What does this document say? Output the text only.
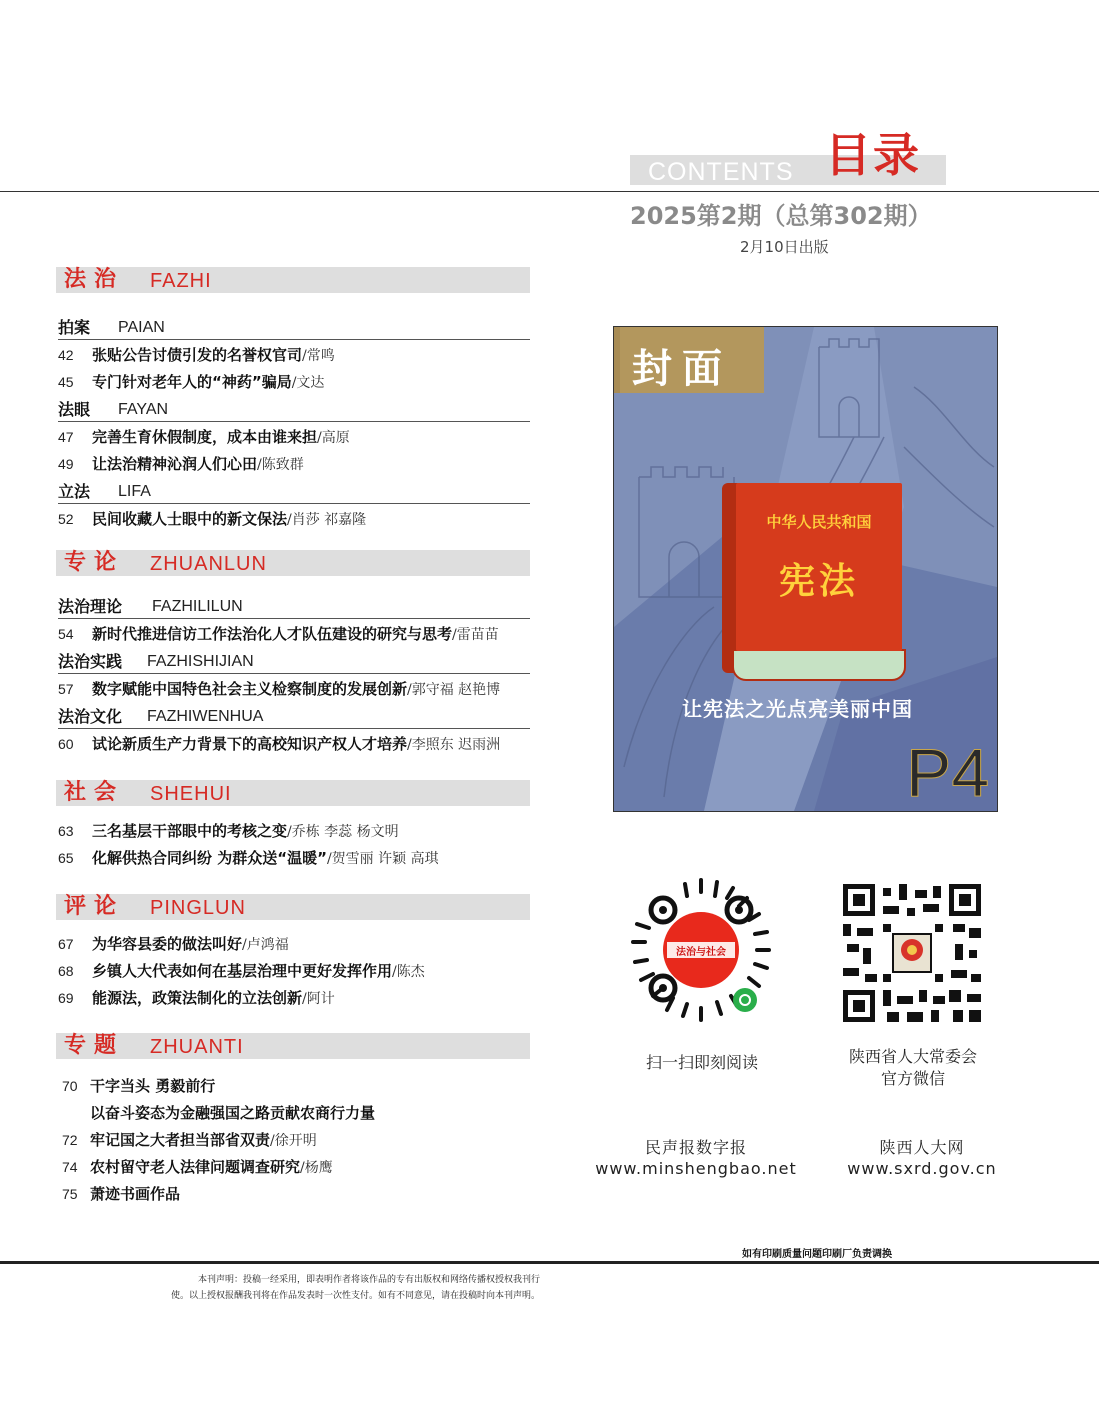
CONTENTS 目录
2025第2期（总第302期）
2月10日出版
法治 FAZHI
拍案 PAIAN
42 张贴公告讨债引发的名誉权官司/常鸣
45 专门针对老年人的“神药”骗局/文达
法眼 FAYAN
47 完善生育休假制度，成本由谁来担/高原
49 让法治精神沁润人们心田/陈致群
立法 LIFA
52 民间收藏人士眼中的新文保法/肖莎 祁嘉隆
专论 ZHUANLUN
法治理论 FAZHILILUN
54 新时代推进信访工作法治化人才队伍建设的研究与思考/雷苗苗
法治实践 FAZHISHIJIAN
57 数字赋能中国特色社会主义检察制度的发展创新/郭守福 赵艳博
法治文化 FAZHIWENHUA
60 试论新质生产力背景下的高校知识产权人才培养/李照东 迟雨洲
社会 SHEHUI
63 三名基层干部眼中的考核之变/乔栋 李蕊 杨文明
65 化解供热合同纠纷 为群众送“温暖”/贺雪丽 许颖 高琪
评论 PINGLUN
67 为华容县委的做法叫好/卢鸿福
68 乡镇人大代表如何在基层治理中更好发挥作用/陈杰
69 能源法，政策法制化的立法创新/阿计
专题 ZHUANTI
70 干字当头 勇毅前行
以奋斗姿态为金融强国之路贡献农商行力量
72 牢记国之大者担当部省双责/徐开明
74 农村留守老人法律问题调查研究/杨鹰
75 萧迹书画作品
封面
中华人民共和国
宪法
让宪法之光点亮美丽中国
P4
法治与社会
扫一扫即刻阅读	陕西省人大常委会
官方微信
民声报数字报
www.minshengbao.net
陕西人大网
www.sxrd.gov.cn
如有印刷质量问题印刷厂负责调换
本刊声明：投稿一经采用，即表明作者将该作品的专有出版权和网络传播权授权我刊行
使。以上授权报酬我刊将在作品发表时一次性支付。如有不同意见，请在投稿时向本刊声明。
